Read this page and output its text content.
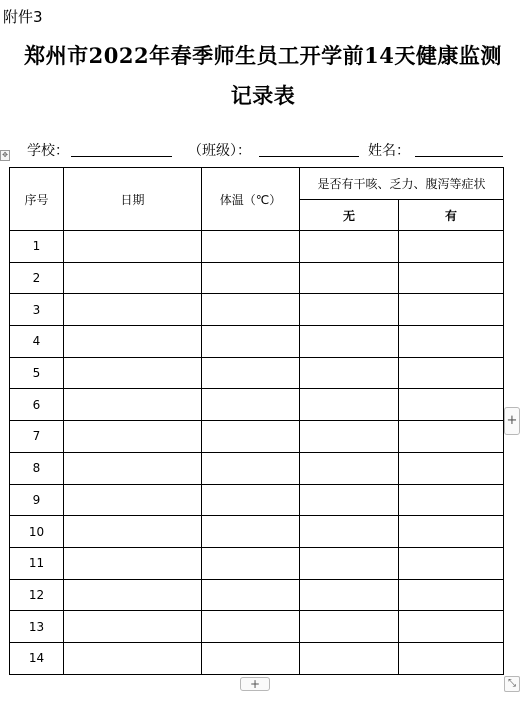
附件3
郑州市2022年春季师生员工开学前14天健康监测
记录表
学校：	（班级）：	姓名：
✥
序号	日期	体温（℃）	是否有干咳、乏力、腹泻等症状	
			无	有
1				
2				
3				
4				
5				
6				
7				
8				
9				
10				
11				
12				
13				
14				
+
+	⤡
